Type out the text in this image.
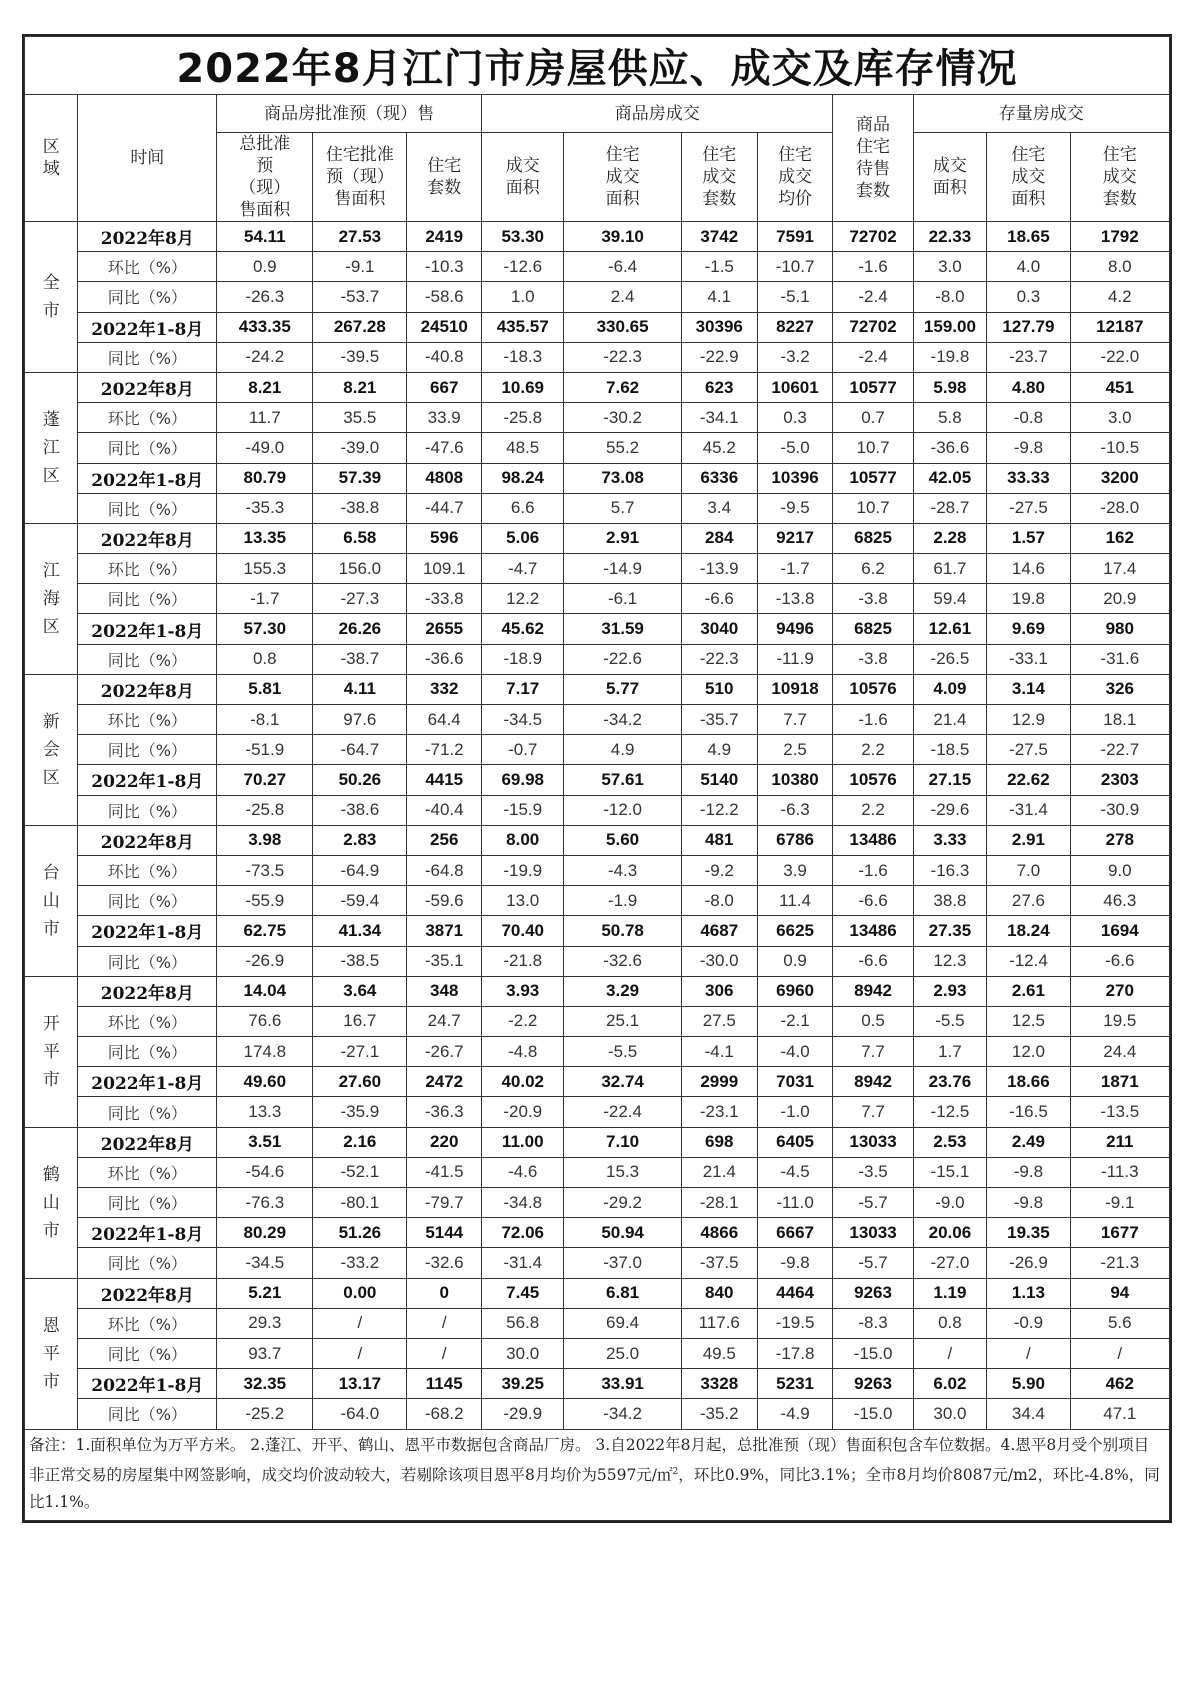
2022年8月江门市房屋供应、成交及库存情况												
区域	时间	商品房批准预（现）售			商品房成交				商品住宅待售套数	存量房成交		
		总批准预（现）售面积	住宅批准预（现）售面积	住宅套数	成交面积	住宅成交面积	住宅成交套数	住宅成交均价		成交面积	住宅成交面积	住宅成交套数
全市	2022年8月	54.11	27.53	2419	53.30	39.10	3742	7591	72702	22.33	18.65	1792
	环比（%）	0.9	-9.1	-10.3	-12.6	-6.4	-1.5	-10.7	-1.6	3.0	4.0	8.0
	同比（%）	-26.3	-53.7	-58.6	1.0	2.4	4.1	-5.1	-2.4	-8.0	0.3	4.2
	2022年1-8月	433.35	267.28	24510	435.57	330.65	30396	8227	72702	159.00	127.79	12187
	同比（%）	-24.2	-39.5	-40.8	-18.3	-22.3	-22.9	-3.2	-2.4	-19.8	-23.7	-22.0
蓬江区	2022年8月	8.21	8.21	667	10.69	7.62	623	10601	10577	5.98	4.80	451
	环比（%）	11.7	35.5	33.9	-25.8	-30.2	-34.1	0.3	0.7	5.8	-0.8	3.0
	同比（%）	-49.0	-39.0	-47.6	48.5	55.2	45.2	-5.0	10.7	-36.6	-9.8	-10.5
	2022年1-8月	80.79	57.39	4808	98.24	73.08	6336	10396	10577	42.05	33.33	3200
	同比（%）	-35.3	-38.8	-44.7	6.6	5.7	3.4	-9.5	10.7	-28.7	-27.5	-28.0
江海区	2022年8月	13.35	6.58	596	5.06	2.91	284	9217	6825	2.28	1.57	162
	环比（%）	155.3	156.0	109.1	-4.7	-14.9	-13.9	-1.7	6.2	61.7	14.6	17.4
	同比（%）	-1.7	-27.3	-33.8	12.2	-6.1	-6.6	-13.8	-3.8	59.4	19.8	20.9
	2022年1-8月	57.30	26.26	2655	45.62	31.59	3040	9496	6825	12.61	9.69	980
	同比（%）	0.8	-38.7	-36.6	-18.9	-22.6	-22.3	-11.9	-3.8	-26.5	-33.1	-31.6
新会区	2022年8月	5.81	4.11	332	7.17	5.77	510	10918	10576	4.09	3.14	326
	环比（%）	-8.1	97.6	64.4	-34.5	-34.2	-35.7	7.7	-1.6	21.4	12.9	18.1
	同比（%）	-51.9	-64.7	-71.2	-0.7	4.9	4.9	2.5	2.2	-18.5	-27.5	-22.7
	2022年1-8月	70.27	50.26	4415	69.98	57.61	5140	10380	10576	27.15	22.62	2303
	同比（%）	-25.8	-38.6	-40.4	-15.9	-12.0	-12.2	-6.3	2.2	-29.6	-31.4	-30.9
台山市	2022年8月	3.98	2.83	256	8.00	5.60	481	6786	13486	3.33	2.91	278
	环比（%）	-73.5	-64.9	-64.8	-19.9	-4.3	-9.2	3.9	-1.6	-16.3	7.0	9.0
	同比（%）	-55.9	-59.4	-59.6	13.0	-1.9	-8.0	11.4	-6.6	38.8	27.6	46.3
	2022年1-8月	62.75	41.34	3871	70.40	50.78	4687	6625	13486	27.35	18.24	1694
	同比（%）	-26.9	-38.5	-35.1	-21.8	-32.6	-30.0	0.9	-6.6	12.3	-12.4	-6.6
开平市	2022年8月	14.04	3.64	348	3.93	3.29	306	6960	8942	2.93	2.61	270
	环比（%）	76.6	16.7	24.7	-2.2	25.1	27.5	-2.1	0.5	-5.5	12.5	19.5
	同比（%）	174.8	-27.1	-26.7	-4.8	-5.5	-4.1	-4.0	7.7	1.7	12.0	24.4
	2022年1-8月	49.60	27.60	2472	40.02	32.74	2999	7031	8942	23.76	18.66	1871
	同比（%）	13.3	-35.9	-36.3	-20.9	-22.4	-23.1	-1.0	7.7	-12.5	-16.5	-13.5
鹤山市	2022年8月	3.51	2.16	220	11.00	7.10	698	6405	13033	2.53	2.49	211
	环比（%）	-54.6	-52.1	-41.5	-4.6	15.3	21.4	-4.5	-3.5	-15.1	-9.8	-11.3
	同比（%）	-76.3	-80.1	-79.7	-34.8	-29.2	-28.1	-11.0	-5.7	-9.0	-9.8	-9.1
	2022年1-8月	80.29	51.26	5144	72.06	50.94	4866	6667	13033	20.06	19.35	1677
	同比（%）	-34.5	-33.2	-32.6	-31.4	-37.0	-37.5	-9.8	-5.7	-27.0	-26.9	-21.3
恩平市	2022年8月	5.21	0.00	0	7.45	6.81	840	4464	9263	1.19	1.13	94
	环比（%）	29.3	/	/	56.8	69.4	117.6	-19.5	-8.3	0.8	-0.9	5.6
	同比（%）	93.7	/	/	30.0	25.0	49.5	-17.8	-15.0	/	/	/
	2022年1-8月	32.35	13.17	1145	39.25	33.91	3328	5231	9263	6.02	5.90	462
	同比（%）	-25.2	-64.0	-68.2	-29.9	-34.2	-35.2	-4.9	-15.0	30.0	34.4	47.1
备注：1.面积单位为万平方米。 2.蓬江、开平、鹤山、恩平市数据包含商品厂房。 3.自2022年8月起，总批准预（现）售面积包含车位数据。4.恩平8月受个别项目非正常交易的房屋集中网签影响，成交均价波动较大，若剔除该项目恩平8月均价为5597元/㎡$^2$，环比0.9%，同比3.1%；全市8月均价8087元/m2，环比-4.8%，同比1.1%。												
